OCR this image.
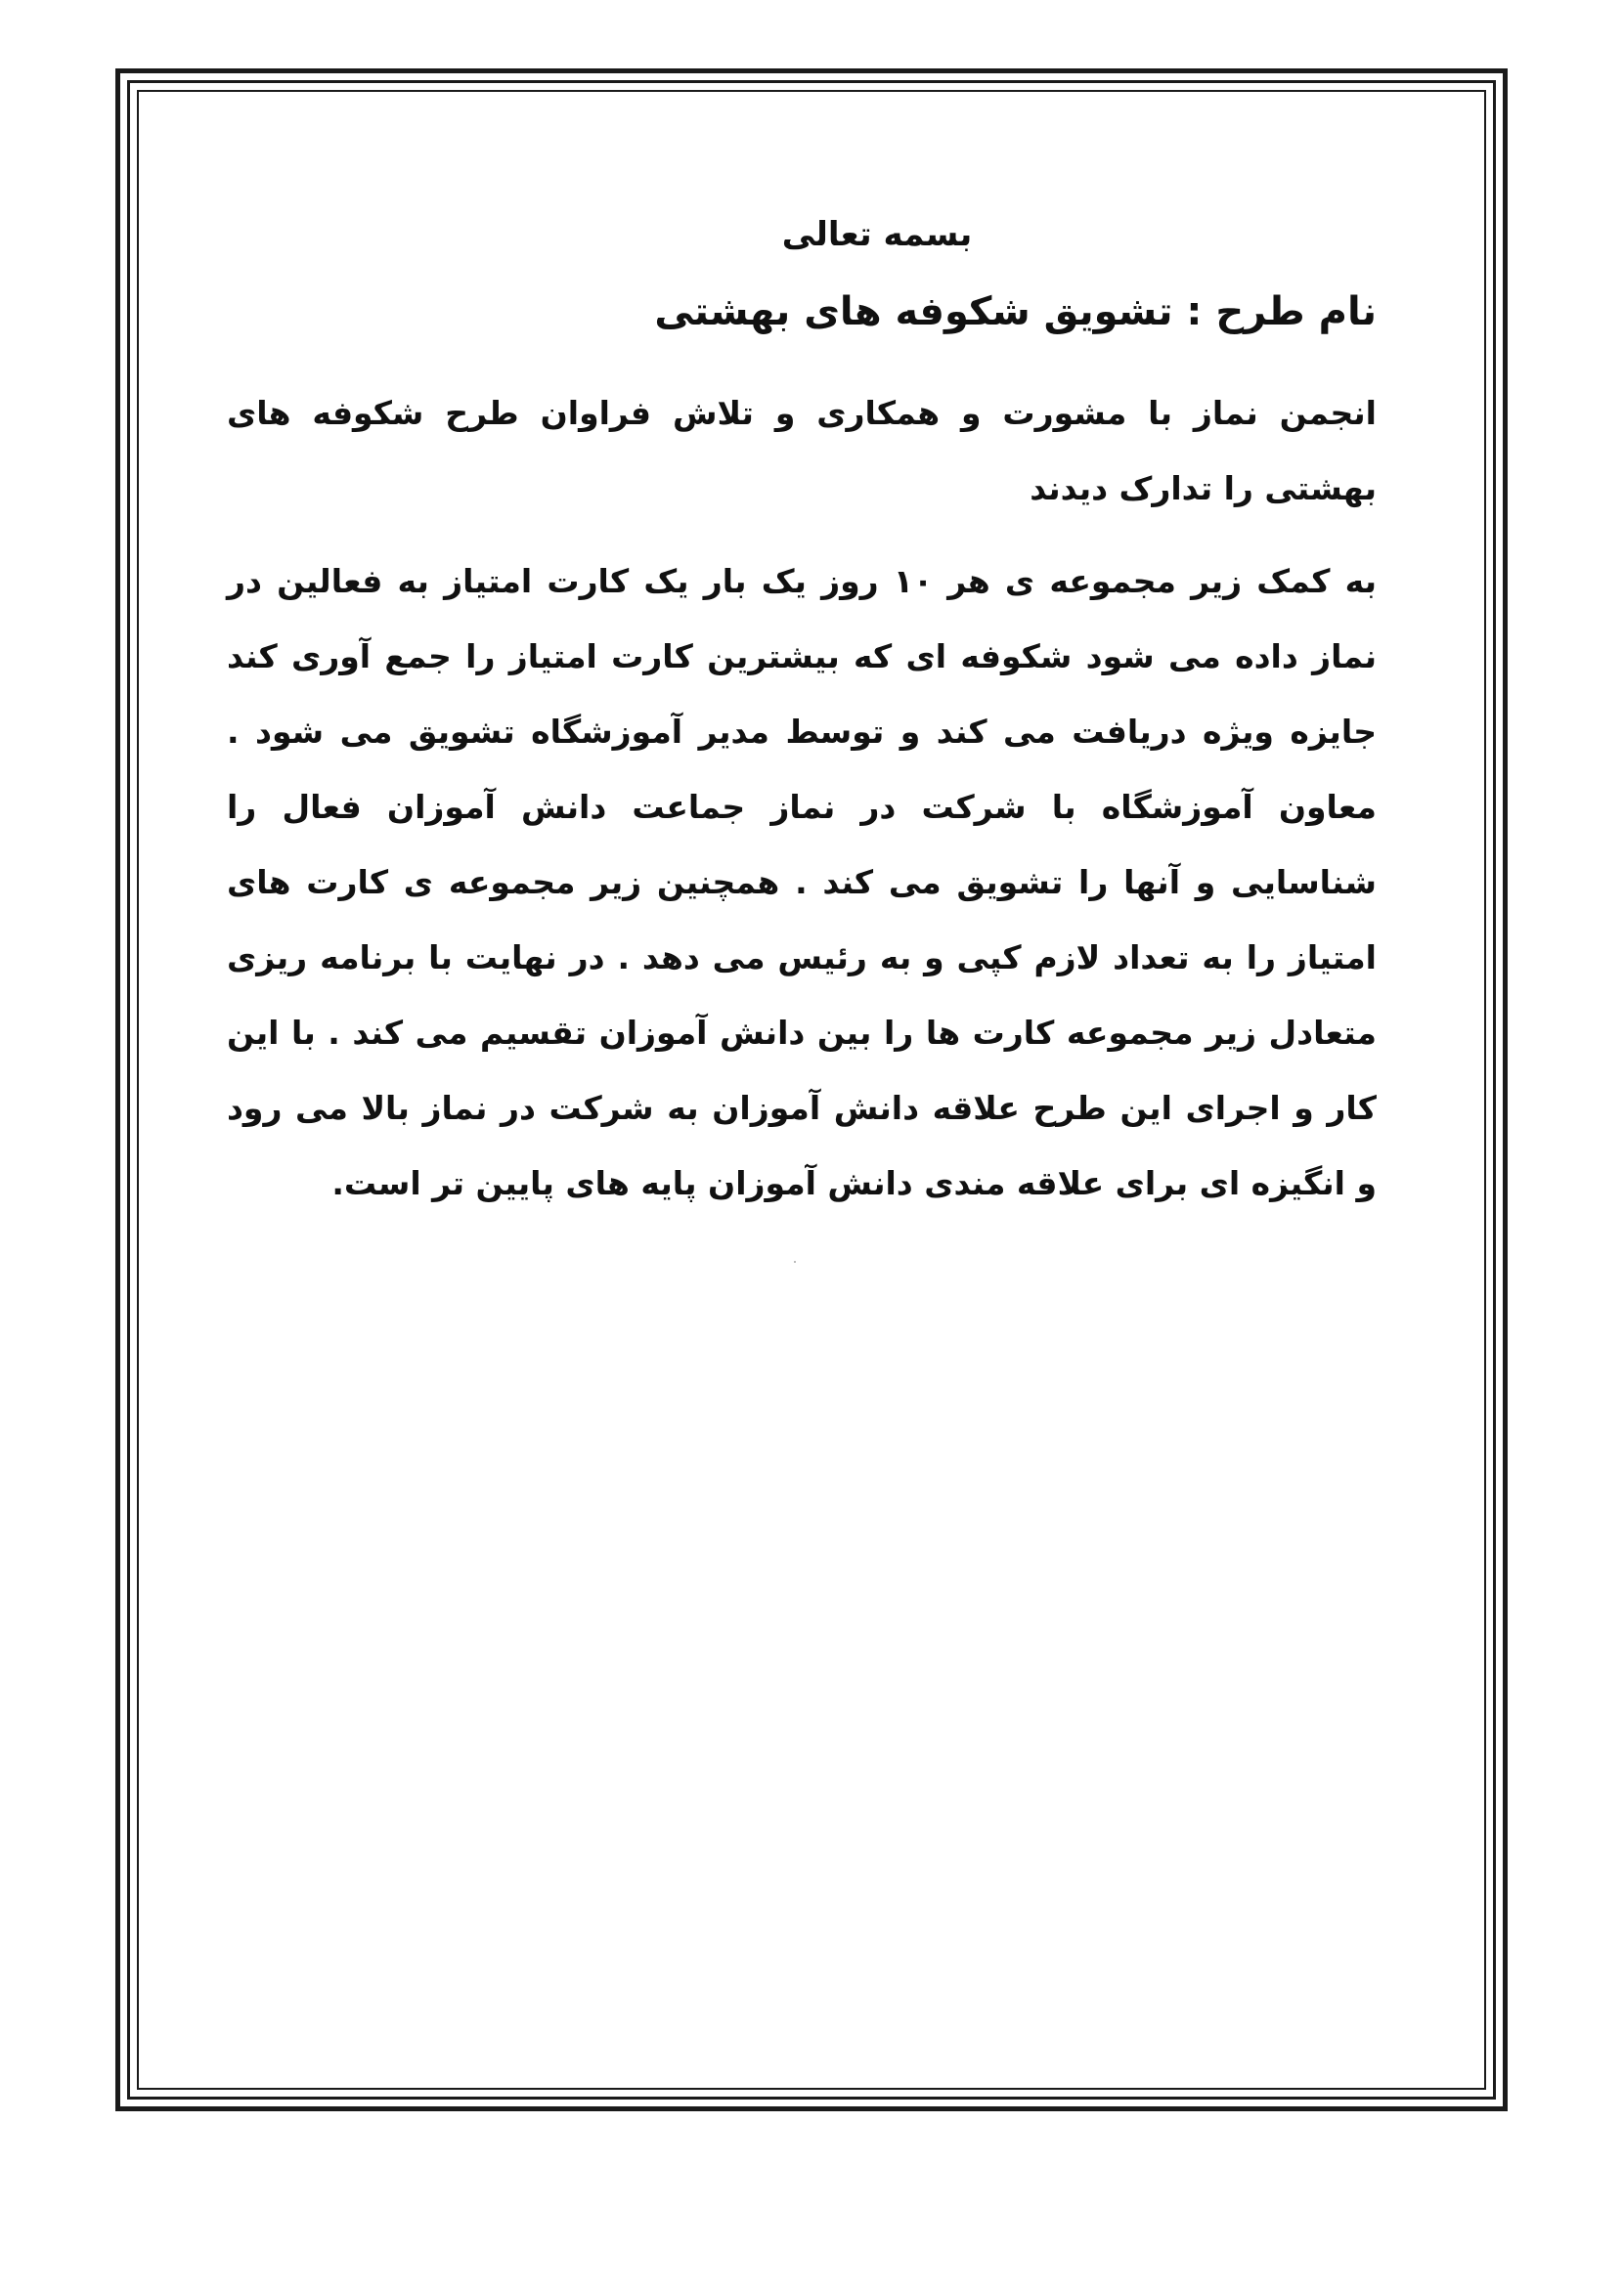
بسمه تعالی
نام طرح : تشویق شکوفه های بهشتی

انجمن نماز با مشورت و همکاری و تلاش فراوان طرح شکوفه های بهشتی را تدارک دیدند

به کمک زیر مجموعه ی هر ۱۰ روز یک بار یک کارت امتیاز به فعالین در نماز داده می شود شکوفه ای که بیشترین کارت امتیاز را جمع آوری کند جایزه ویژه دریافت می کند و توسط مدیر آموزشگاه تشویق می شود . معاون آموزشگاه با شرکت در نماز جماعت دانش آموزان فعال را شناسایی و آنها را تشویق می کند . همچنین زیر مجموعه ی کارت های امتیاز را به تعداد لازم کپی و به رئیس می دهد . در نهایت با برنامه ریزی متعادل زیر مجموعه کارت ها را بین دانش آموزان تقسیم می کند . با این کار و اجرای این طرح علاقه دانش آموزان به شرکت در نماز بالا می رود و انگیزه ای برای علاقه مندی دانش آموزان پایه های پایین تر است.
